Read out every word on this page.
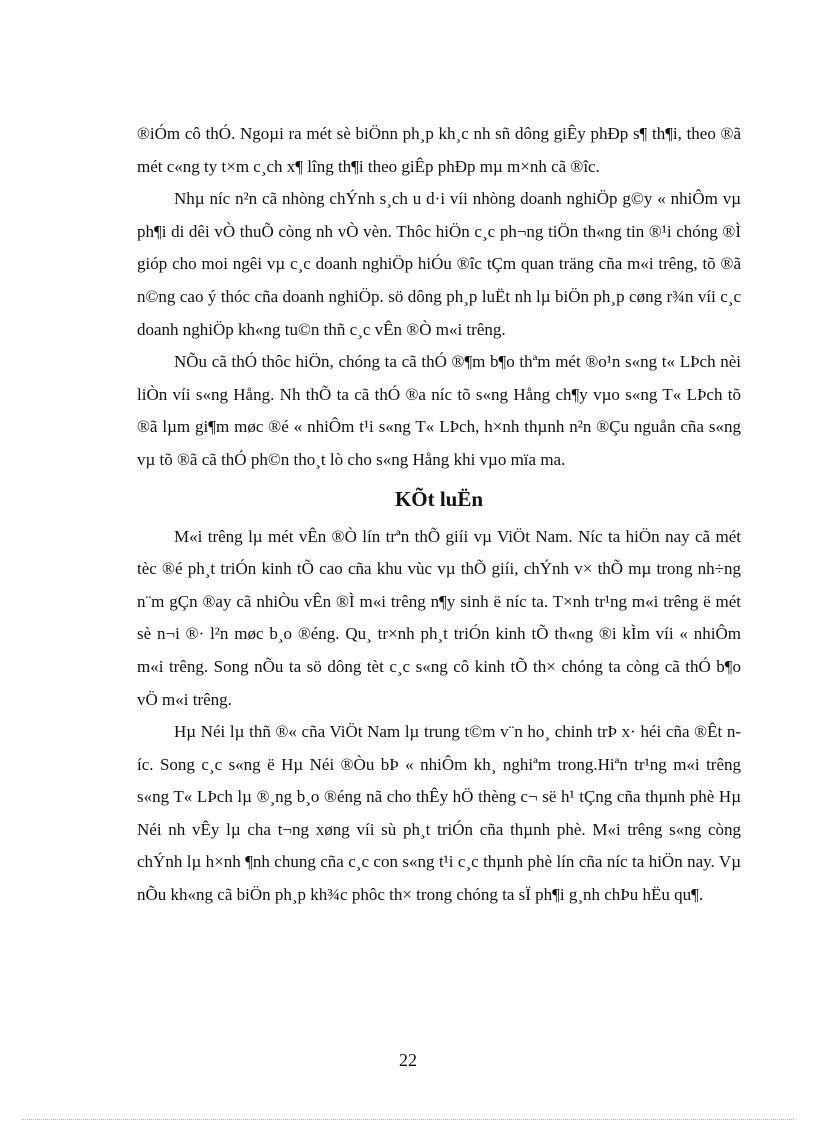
®iÓm cô thÓ. Ngoµi ra mét sè biÖnn ph¸p kh¸c nh sñ dông giÊy phÐp s¶ th¶i, theo ®ã mét c«ng ty t×m c¸ch x¶ lîng th¶i theo giÊp phÐp mµ m×nh cã ®îc.

Nhµ níc n²n cã nhòng chÝnh s¸ch u d·i víi nhòng doanh nghiÖp g©y « nhiÔm vµ ph¶i di dêi vÒ thuÕ còng nh vÒ vèn. Thôc hiÖn c¸c ph¬ng tiÖn th«ng tin ®¹i chóng ®Ì gióp cho moi ngêi vµ c¸c doanh nghiÖp hiÓu ®îc tÇm quan träng cña m«i trêng, tõ ®ã n©ng cao ý thóc cña doanh nghiÖp. sö dông ph¸p luËt nh lµ biÖn ph¸p cøng r¾n víi c¸c doanh nghiÖp kh«ng tu©n thñ c¸c vÊn ®Ò m«i trêng.

NÕu cã thÓ thôc hiÖn, chóng ta cã thÓ ®¶m b¶o thªm mét ®o¹n s«ng t« LÞch nèi liÒn víi s«ng Hång. Nh thÕ ta cã thÓ ®a níc tõ s«ng Hång ch¶y vµo s«ng T« LÞch tõ ®ã lµm gi¶m møc ®é « nhiÔm t¹i s«ng T« LÞch, h×nh thµnh n²n ®Çu nguån cña s«ng vµ tõ ®ã cã thÓ ph©n tho¸t lò cho s«ng Hång khi vµo mïa ma.

KÕt luËn

M«i trêng lµ mét vÊn ®Ò lín trªn thÕ giíi vµ ViÖt Nam. Níc ta hiÖn nay cã mét tèc ®é ph¸t triÓn kinh tÕ cao cña khu vùc vµ thÕ giíi, chÝnh v× thÕ mµ trong nh÷ng n¨m gÇn ®ay cã nhiÒu vÊn ®Ì m«i trêng n¶y sinh ë níc ta. T×nh tr¹ng m«i trêng ë mét sè n¬i ®· l²n møc b¸o ®éng. Qu¸ tr×nh ph¸t triÓn kinh tÕ th«ng ®i kÌm víi « nhiÔm m«i trêng. Song nÕu ta sö dông tèt c¸c s«ng cô kinh tÕ th× chóng ta còng cã thÓ b¶o vÖ m«i trêng.

Hµ Néi lµ thñ ®« cña ViÖt Nam lµ trung t©m v¨n ho¸ chinh trÞ x· héi cña ®Êt níc. Song c¸c s«ng ë Hµ Néi ®Òu bÞ « nhiÔm kh¸ nghiªm trong.Hiªn tr¹ng m«i trêng s«ng T« LÞch lµ ®¸ng b¸o ®éng nã cho thÊy hÖ thèng c¬ së h¹ tÇng cña thµnh phè Hµ Néi nh vÊy lµ cha t¬ng xøng víi sù ph¸t triÓn cña thµnh phè. M«i trêng s«ng còng chÝnh lµ h×nh ¶nh chung cña c¸c con s«ng t¹i c¸c thµnh phè lín cña níc ta hiÖn nay. Vµ nÕu kh«ng cã biÖn ph¸p kh¾c phôc th× trong chóng ta sÏ ph¶i g¸nh chÞu hËu qu¶.

22
